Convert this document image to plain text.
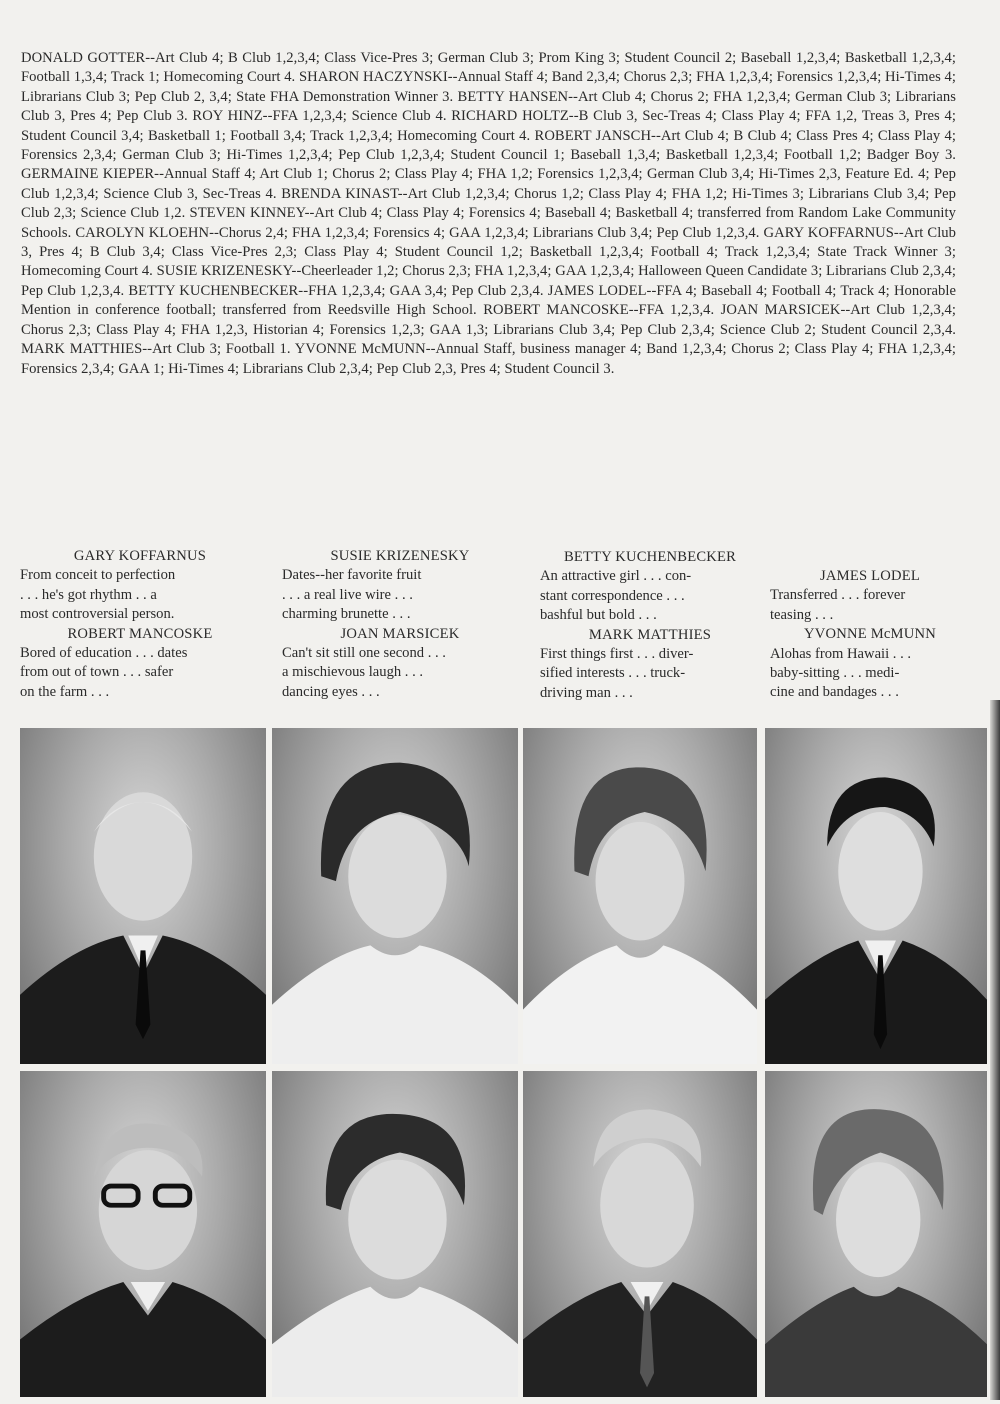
DONALD GOTTER--Art Club 4; B Club 1,2,3,4; Class Vice-Pres 3; German Club 3; Prom King 3; Student Council 2; Baseball 1,2,3,4; Basketball 1,2,3,4; Football 1,3,4; Track 1; Homecoming Court 4. SHARON HACZYNSKI--Annual Staff 4; Band 2,3,4; Chorus 2,3; FHA 1,2,3,4; Forensics 1,2,3,4; Hi-Times 4; Librarians Club 3; Pep Club 2, 3,4; State FHA Demonstration Winner 3. BETTY HANSEN--Art Club 4; Chorus 2; FHA 1,2,3,4; German Club 3; Librarians Club 3, Pres 4; Pep Club 3. ROY HINZ--FFA 1,2,3,4; Science Club 4. RICHARD HOLTZ--B Club 3, Sec-Treas 4; Class Play 4; FFA 1,2, Treas 3, Pres 4; Student Council 3,4; Basketball 1; Football 3,4; Track 1,2,3,4; Homecoming Court 4. ROBERT JANSCH--Art Club 4; B Club 4; Class Pres 4; Class Play 4; Forensics 2,3,4; German Club 3; Hi-Times 1,2,3,4; Pep Club 1,2,3,4; Student Council 1; Baseball 1,3,4; Basketball 1,2,3,4; Football 1,2; Badger Boy 3. GERMAINE KIEPER--Annual Staff 4; Art Club 1; Chorus 2; Class Play 4; FHA 1,2; Forensics 1,2,3,4; German Club 3,4; Hi-Times 2,3, Feature Ed. 4; Pep Club 1,2,3,4; Science Club 3, Sec-Treas 4. BRENDA KINAST--Art Club 1,2,3,4; Chorus 1,2; Class Play 4; FHA 1,2; Hi-Times 3; Librarians Club 3,4; Pep Club 2,3; Science Club 1,2. STEVEN KINNEY--Art Club 4; Class Play 4; Forensics 4; Baseball 4; Basketball 4; transferred from Random Lake Community Schools. CAROLYN KLOEHN--Chorus 2,4; FHA 1,2,3,4; Forensics 4; GAA 1,2,3,4; Librarians Club 3,4; Pep Club 1,2,3,4. GARY KOFFARNUS--Art Club 3, Pres 4; B Club 3,4; Class Vice-Pres 2,3; Class Play 4; Student Council 1,2; Basketball 1,2,3,4; Football 4; Track 1,2,3,4; State Track Winner 3; Homecoming Court 4. SUSIE KRIZENESKY--Cheerleader 1,2; Chorus 2,3; FHA 1,2,3,4; GAA 1,2,3,4; Halloween Queen Candidate 3; Librarians Club 2,3,4; Pep Club 1,2,3,4. BETTY KUCHENBECKER--FHA 1,2,3,4; GAA 3,4; Pep Club 2,3,4. JAMES LODEL--FFA 4; Baseball 4; Football 4; Track 4; Honorable Mention in conference football; transferred from Reedsville High School. ROBERT MANCOSKE--FFA 1,2,3,4. JOAN MARSICEK--Art Club 1,2,3,4; Chorus 2,3; Class Play 4; FHA 1,2,3, Historian 4; Forensics 1,2,3; GAA 1,3; Librarians Club 3,4; Pep Club 2,3,4; Science Club 2; Student Council 2,3,4. MARK MATTHIES--Art Club 3; Football 1. YVONNE McMUNN--Annual Staff, business manager 4; Band 1,2,3,4; Chorus 2; Class Play 4; FHA 1,2,3,4; Forensics 2,3,4; GAA 1; Hi-Times 4; Librarians Club 2,3,4; Pep Club 2,3, Pres 4; Student Council 3.

GARY KOFFARNUS
From conceit to perfection
. . . he's got rhythm . . a
most controversial person.
ROBERT MANCOSKE
Bored of education . . . dates
from out of town . . . safer
on the farm . . .
SUSIE KRIZENESKY
Dates--her favorite fruit
. . . a real live wire . . .
charming brunette . . .
JOAN MARSICEK
Can't sit still one second . . .
a mischievous laugh . . .
dancing eyes . . .
BETTY KUCHENBECKER
An attractive girl . . . con-
stant correspondence . . .
bashful but bold . . .
MARK MATTHIES
First things first . . . diver-
sified interests . . . truck-
driving man . . .
JAMES LODEL
Transferred . . . forever
teasing . . .
YVONNE McMUNN
Alohas from Hawaii . . .
baby-sitting . . . medi-
cine and bandages . . .
